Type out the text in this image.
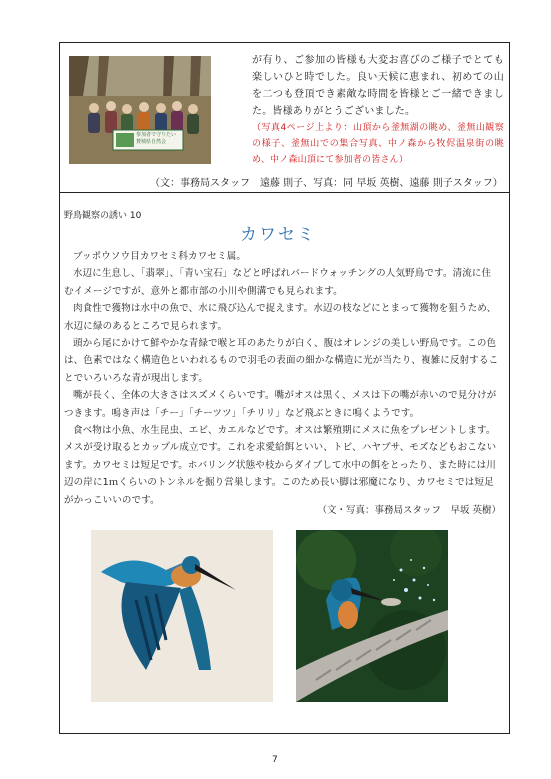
参加者で守りたい 賛城県自然会
が有り、ご参加の皆様も大変お喜びのご様子でとても楽しいひと時でした。良い天候に恵まれ、初めての山を二つも登頂でき素敵な時間を皆様とご一緒できました。皆様ありがとうございました。
（写真4ページ上より：山頂から釜無湖の眺め、釜無山観察の様子、釜無山での集合写真、中ノ森から牧侭温泉街の眺め、中ノ森山頂にて参加者の皆さん）
（文：事務局スタッフ　遠藤 則子、写真：同 早坂 英樹、遠藤 則子スタッフ）
野鳥観察の誘い 10
カワセミ

ブッポウソウ目カワセミ科カワセミ属。

水辺に生息し、「翡翠」、「青い宝石」などと呼ばれバードウォッチングの人気野鳥です。清流に住むイメージですが、意外と都市部の小川や側溝でも見られます。

肉食性で獲物は水中の魚で、水に飛び込んで捉えます。水辺の枝などにとまって獲物を狙うため、水辺に緑のあるところで見られます。

頭から尾にかけて鮮やかな青緑で喉と耳のあたりが白く、腹はオレンジの美しい野鳥です。この色は、色素ではなく構造色といわれるもので羽毛の表面の細かな構造に光が当たり、複雑に反射することでいろいろな青が現出します。

嘴が長く、全体の大きさはスズメくらいです。嘴がオスは黒く、メスは下の嘴が赤いので見分けがつきます。鳴き声は「チー」「チーツツ」「チリリ」など飛ぶときに鳴くようです。

食べ物は小魚、水生昆虫、エビ、カエルなどです。オスは繁殖期にメスに魚をプレゼントします。メスが受け取るとカップル成立です。これを求愛給餌といい、トビ、ハヤブサ、モズなどもおこないます。カワセミは短足です。ホバリング状態や枝からダイブして水中の餌をとったり、また時には川辺の岸に1ｍくらいのトンネルを掘り営巣します。このため長い脚は邪魔になり、カワセミでは短足がかっこいいのです。

（文・写真：事務局スタッフ　早坂 英樹）
7
